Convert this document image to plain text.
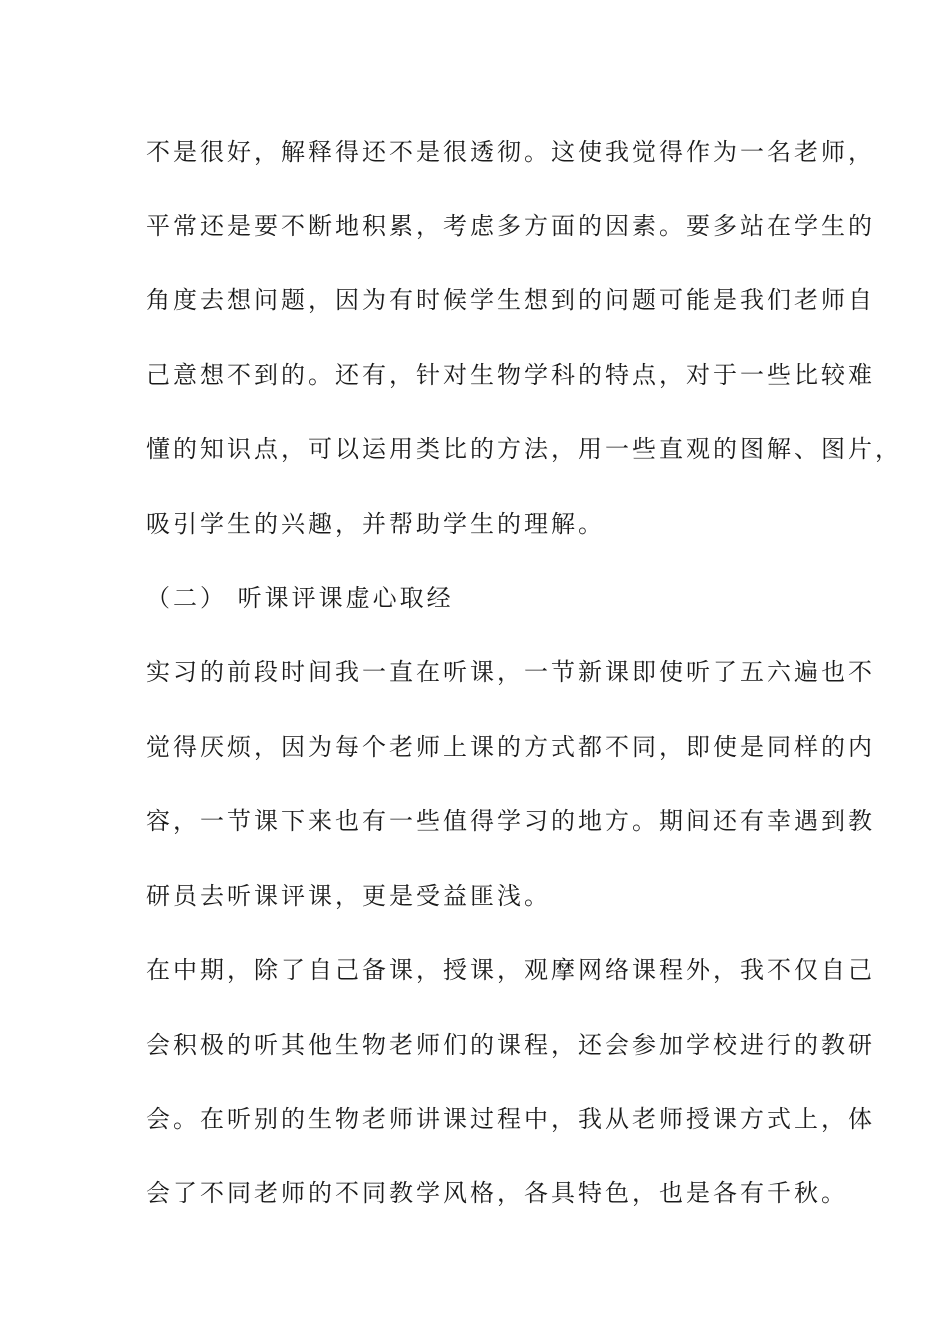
不是很好，解释得还不是很透彻。这使我觉得作为一名老师，
平常还是要不断地积累，考虑多方面的因素。要多站在学生的
角度去想问题，因为有时候学生想到的问题可能是我们老师自
己意想不到的。还有，针对生物学科的特点，对于一些比较难
懂的知识点，可以运用类比的方法，用一些直观的图解、图片，
吸引学生的兴趣，并帮助学生的理解。
（二） 听课评课虚心取经
实习的前段时间我一直在听课，一节新课即使听了五六遍也不
觉得厌烦，因为每个老师上课的方式都不同，即使是同样的内
容，一节课下来也有一些值得学习的地方。期间还有幸遇到教
研员去听课评课，更是受益匪浅。
在中期，除了自己备课，授课，观摩网络课程外，我不仅自己
会积极的听其他生物老师们的课程，还会参加学校进行的教研
会。在听别的生物老师讲课过程中，我从老师授课方式上，体
会了不同老师的不同教学风格，各具特色，也是各有千秋。
